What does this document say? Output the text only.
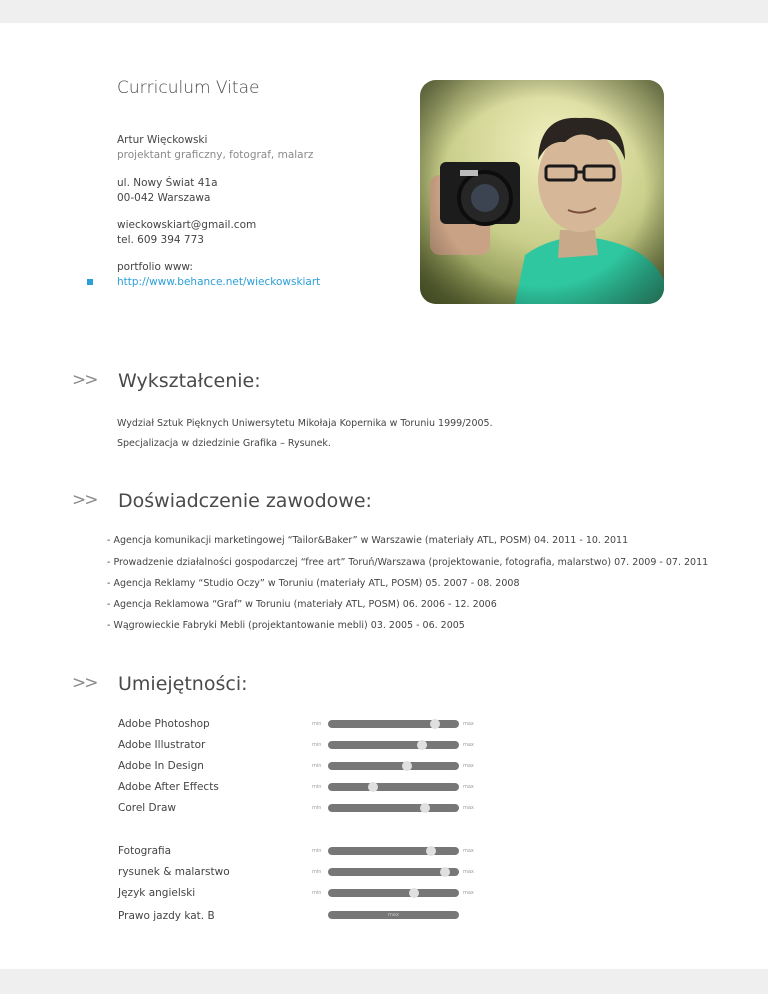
Curriculum Vitae
Artur Więckowski
projektant graficzny, fotograf, malarz
ul. Nowy Świat 41a
00-042 Warszawa
wieckowskiart@gmail.com
tel. 609 394 773
portfolio www:
http://www.behance.net/wieckowskiart
>> Wykształcenie:
Wydział Sztuk Pięknych Uniwersytetu Mikołaja Kopernika w Toruniu 1999/2005.
Specjalizacja w dziedzinie Grafika – Rysunek.
>> Doświadczenie zawodowe:
- Agencja komunikacji marketingowej “Tailor&Baker” w Warszawie (materiały ATL, POSM) 04. 2011 - 10. 2011
- Prowadzenie działalności gospodarczej “free art” Toruń/Warszawa (projektowanie, fotografia, malarstwo) 07. 2009 - 07. 2011
- Agencja Reklamy “Studio Oczy” w Toruniu (materiały ATL, POSM) 05. 2007 - 08. 2008
- Agencja Reklamowa “Graf” w Toruniu (materiały ATL, POSM) 06. 2006 - 12. 2006
- Wągrowieckie Fabryki Mebli (projektantowanie mebli) 03. 2005 - 06. 2005
>> Umiejętności:
Adobe Photoshop	min	max
Adobe Illustrator	min	max
Adobe In Design	min	max
Adobe After Effects	min	max
Corel Draw	min	max
Fotografia	min	max
rysunek & malarstwo	min	max
Język angielski	min	max
Prawo jazdy kat. B	max
